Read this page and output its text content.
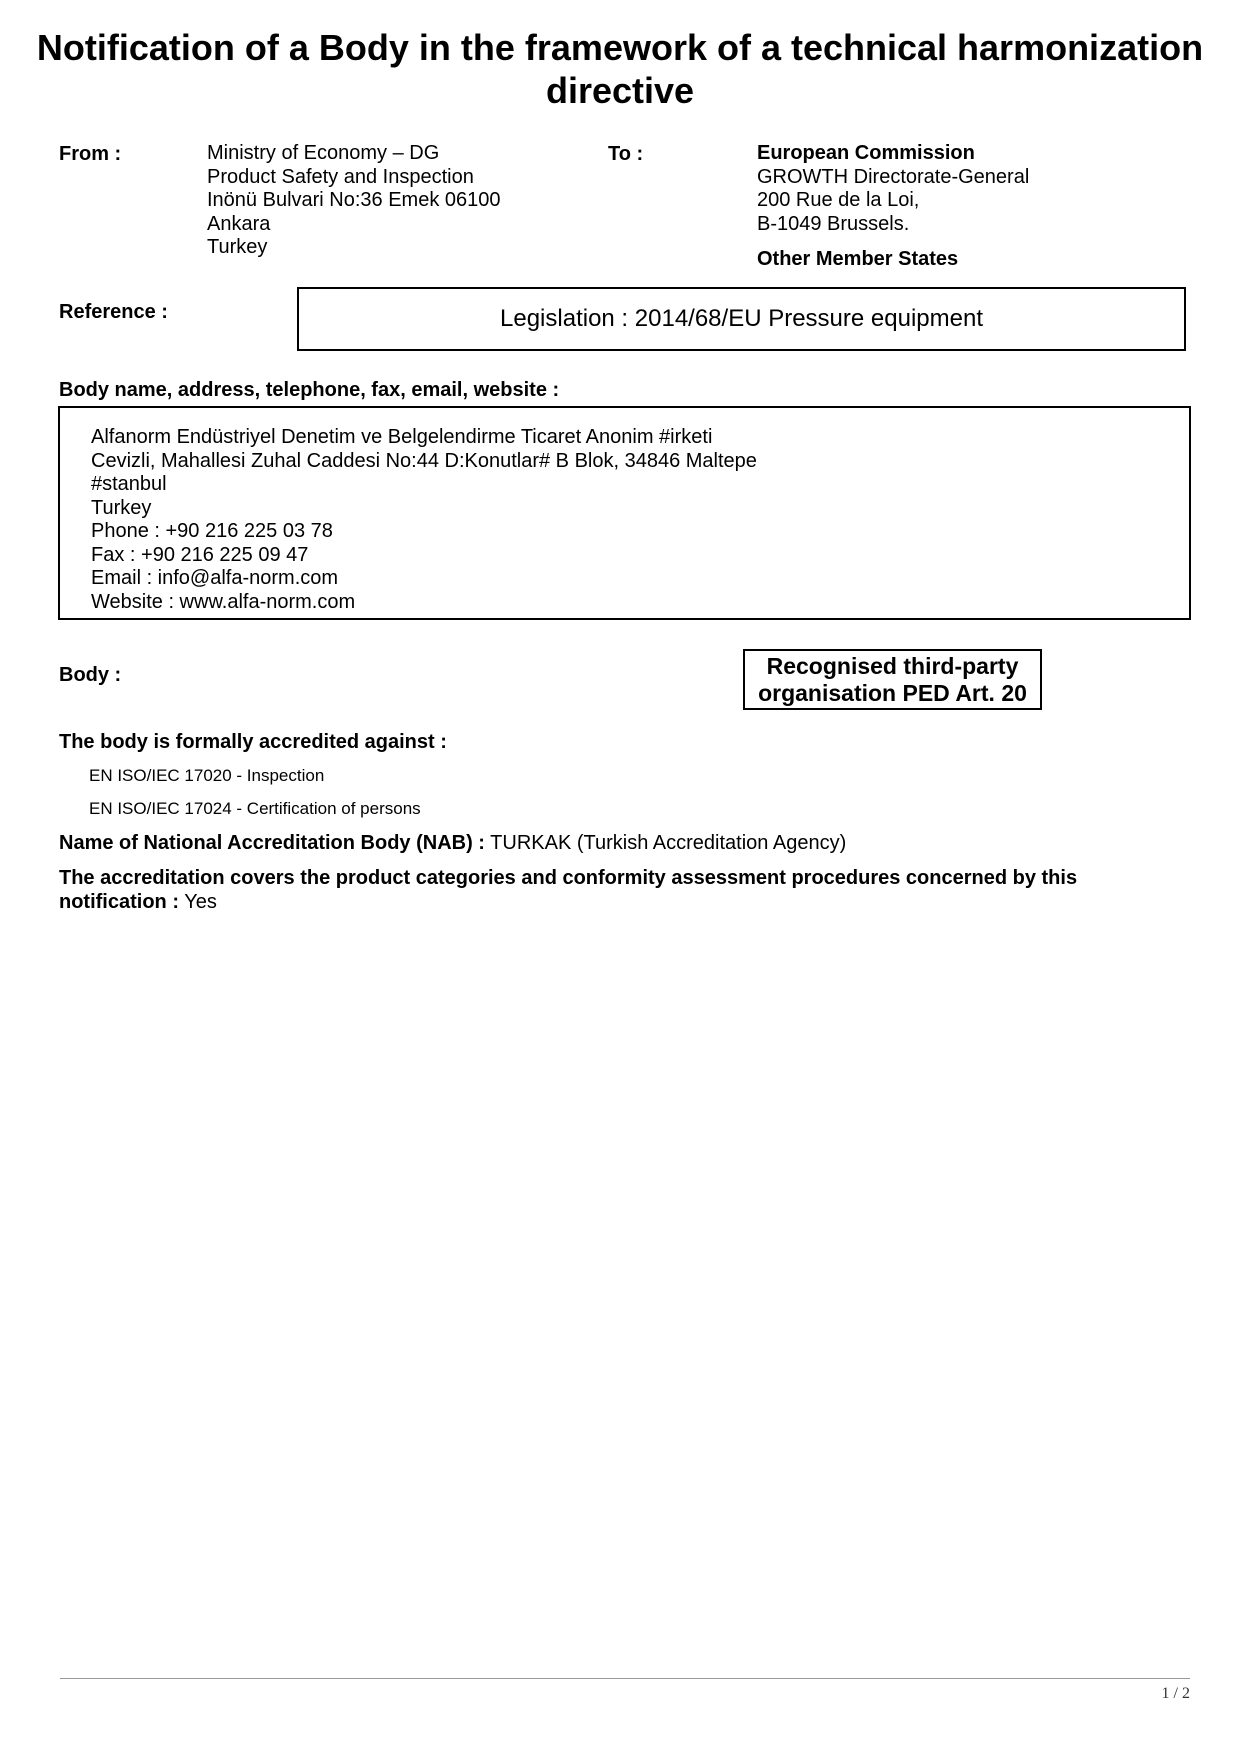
Notification of a Body in the framework of a technical harmonization directive
From :	Ministry of Economy – DG
Product Safety and Inspection
Inönü Bulvari No:36 Emek 06100
Ankara
Turkey
To :	European Commission
GROWTH Directorate-General
200 Rue de la Loi,
B-1049 Brussels.
Other Member States
Reference :	Legislation : 2014/68/EU Pressure equipment
Body name, address, telephone, fax, email, website :
Alfanorm Endüstriyel Denetim ve Belgelendirme Ticaret Anonim #irketi
Cevizli, Mahallesi Zuhal Caddesi No:44 D:Konutlar# B Blok, 34846 Maltepe
#stanbul
Turkey
Phone : +90 216 225 03 78
Fax : +90 216 225 09 47
Email : info@alfa-norm.com
Website : www.alfa-norm.com
Body :	Recognised third-party
organisation PED Art. 20
The body is formally accredited against :
EN ISO/IEC 17020 - Inspection
EN ISO/IEC 17024 - Certification of persons
Name of National Accreditation Body (NAB) : TURKAK (Turkish Accreditation Agency)
The accreditation covers the product categories and conformity assessment procedures concerned by this
notification : Yes
1 / 2
